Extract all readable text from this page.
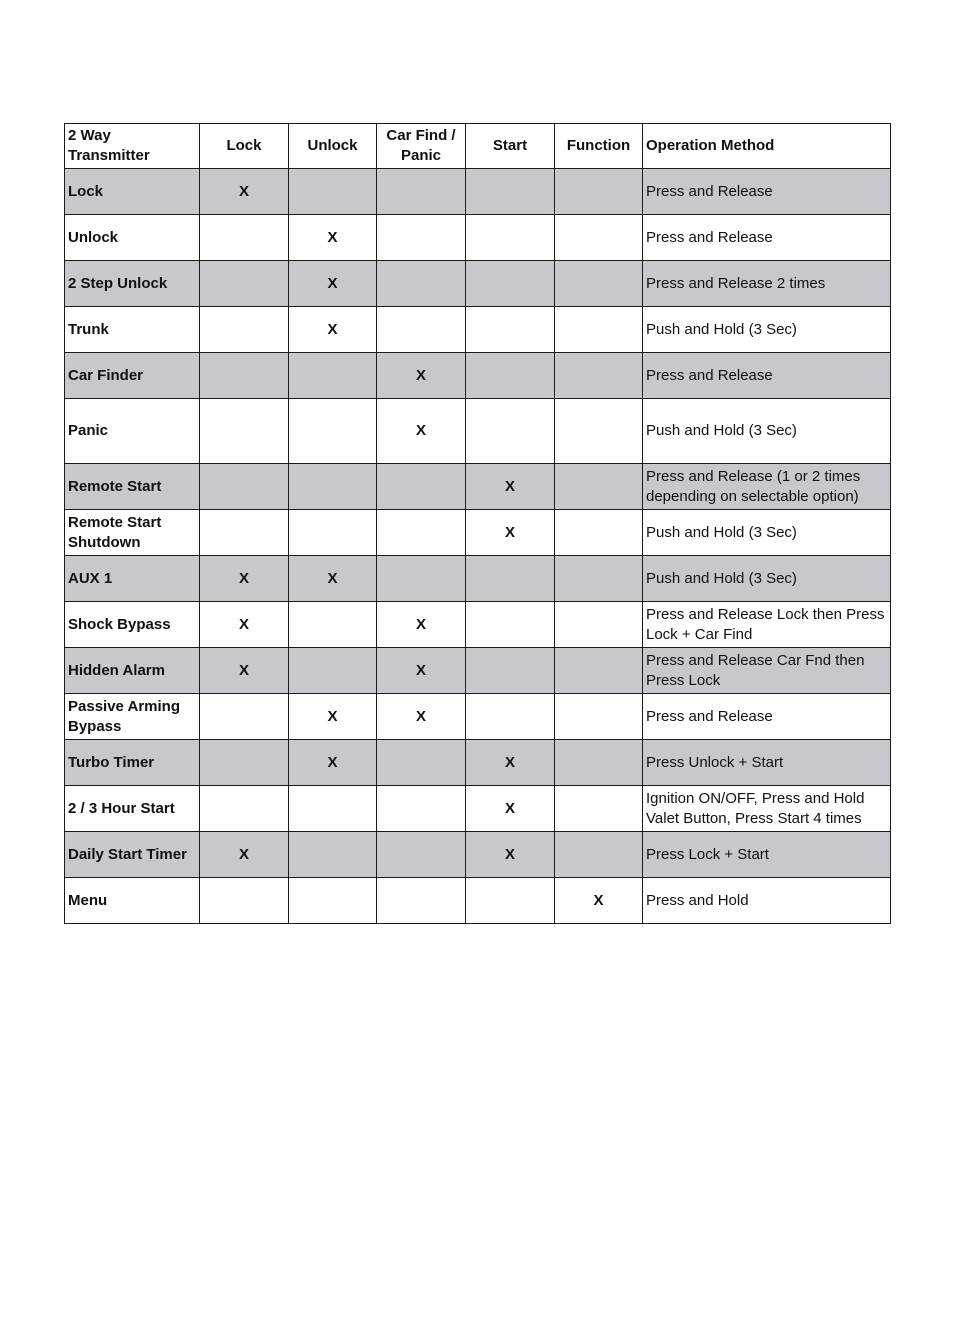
2 Way Transmitter	Lock	Unlock	Car Find / Panic	Start	Function	Operation Method
Lock	X					Press and Release
Unlock		X				Press and Release
2 Step Unlock		X				Press and Release 2 times
Trunk		X				Push and Hold (3 Sec)
Car Finder			X			Press and Release
Panic			X			Push and Hold (3 Sec)
Remote Start				X		Press and Release (1 or 2 times depending on selectable option)
Remote Start Shutdown				X		Push and Hold (3 Sec)
AUX 1	X	X				Push and Hold (3 Sec)
Shock Bypass	X		X			Press and Release Lock then Press Lock + Car Find
Hidden Alarm	X		X			Press and Release Car Fnd then Press Lock
Passive Arming Bypass		X	X			Press and Release
Turbo Timer		X		X		Press Unlock + Start
2 / 3 Hour Start				X		Ignition ON/OFF, Press and Hold Valet Button, Press Start 4 times
Daily Start Timer	X			X		Press Lock + Start
Menu					X	Press and Hold
